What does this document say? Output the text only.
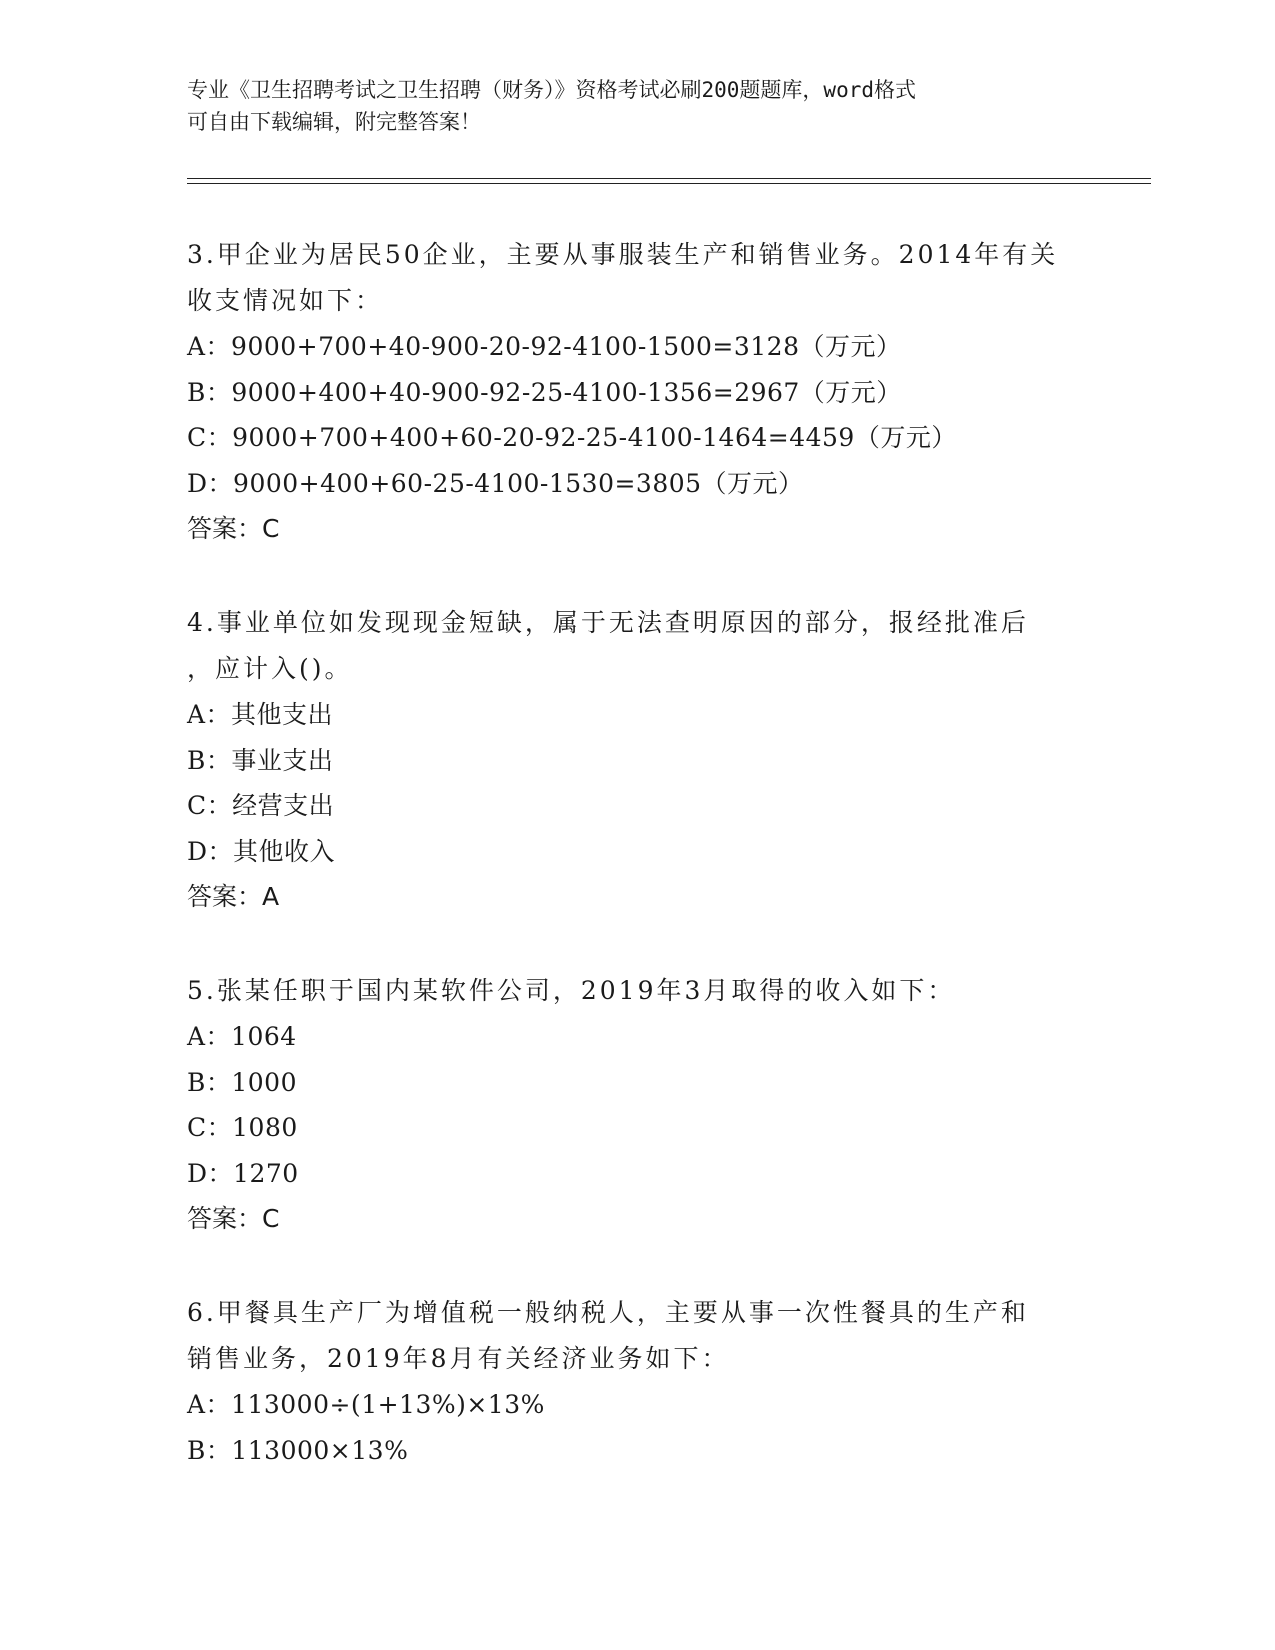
专业《卫生招聘考试之卫生招聘（财务）》资格考试必刷200题题库，word格式
可自由下载编辑，附完整答案！

3.甲企业为居民50企业，主要从事服装生产和销售业务。2014年有关

收支情况如下：

A：9000+700+40-900-20-92-4100-1500=3128（万元）

B：9000+400+40-900-92-25-4100-1356=2967（万元）

C：9000+700+400+60-20-92-25-4100-1464=4459（万元）

D：9000+400+60-25-4100-1530=3805（万元）

答案：C

4.事业单位如发现现金短缺，属于无法查明原因的部分，报经批准后

，应计入()。

A：其他支出

B：事业支出

C：经营支出

D：其他收入

答案：A

5.张某任职于国内某软件公司，2019年3月取得的收入如下：

A：1064

B：1000

C：1080

D：1270

答案：C

6.甲餐具生产厂为增值税一般纳税人，主要从事一次性餐具的生产和

销售业务，2019年8月有关经济业务如下：

A：113000÷(1+13%)×13%

B：113000×13%
